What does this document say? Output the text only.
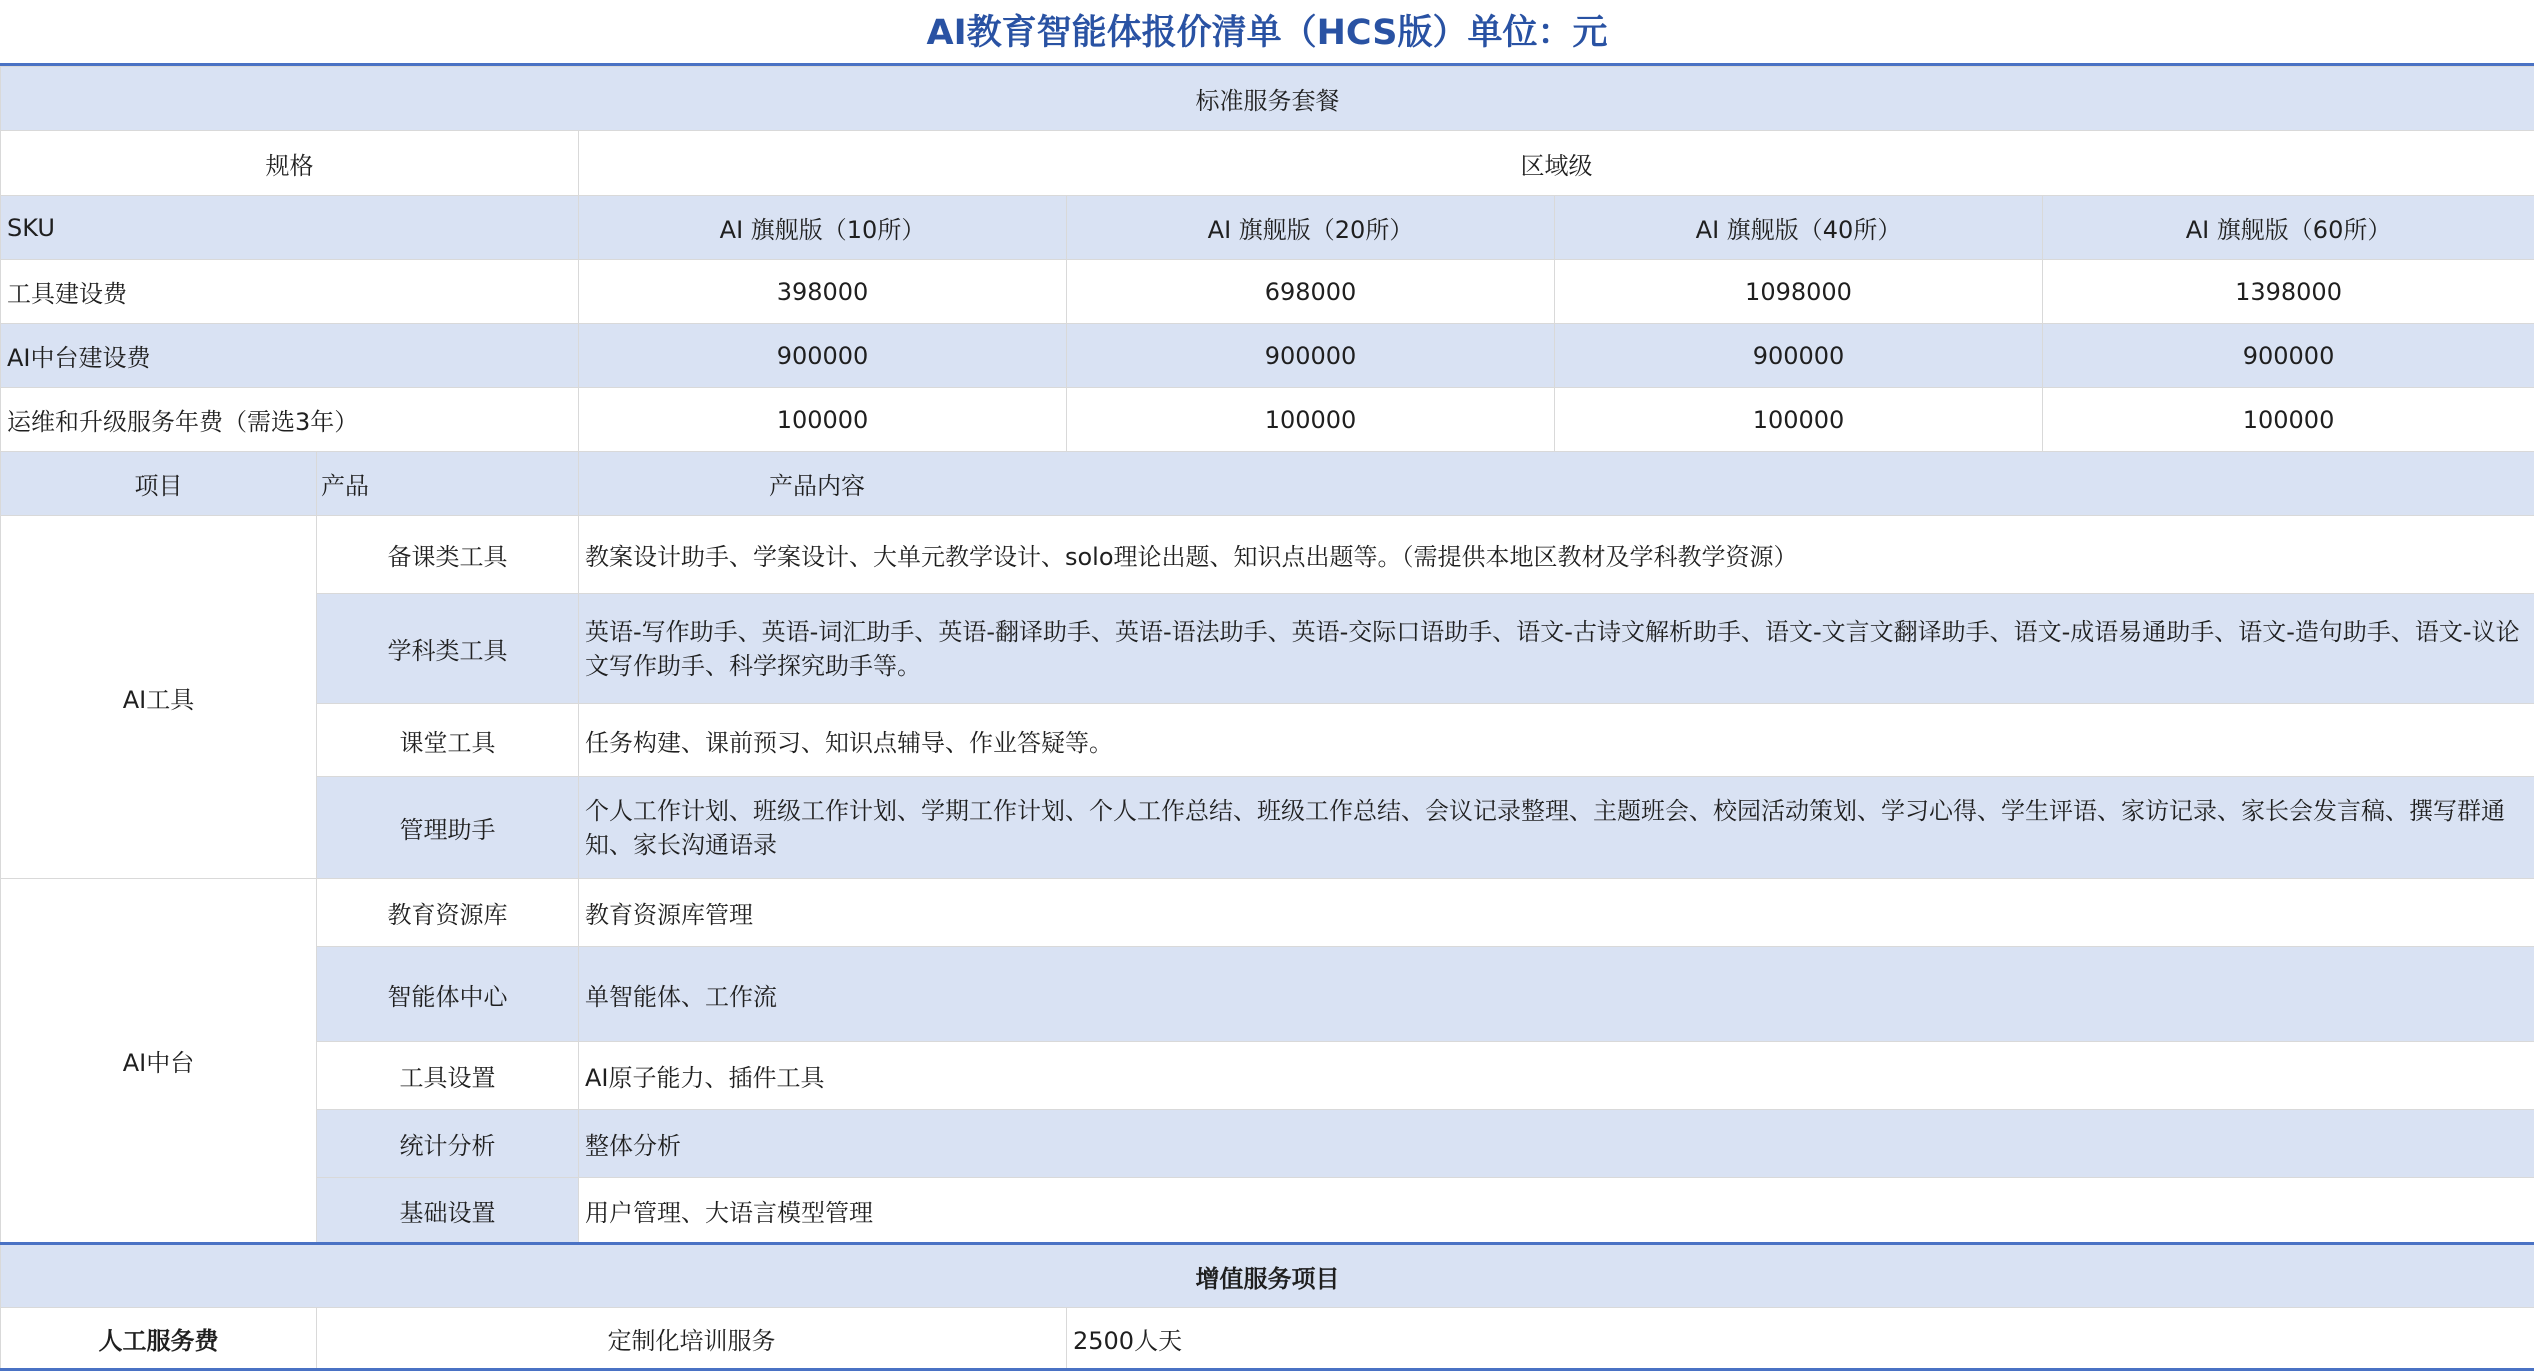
AI教育智能体报价清单（HCS版）单位：元
标准服务套餐					
规格		区域级			
SKU		AI 旗舰版（10所）	AI 旗舰版（20所）	AI 旗舰版（40所）	AI 旗舰版（60所）
工具建设费		398000	698000	1098000	1398000
AI中台建设费		900000	900000	900000	900000
运维和升级服务年费（需选3年）		100000	100000	100000	100000
项目	产品	产品内容			
AI工具	备课类工具	教案设计助手、学案设计、大单元教学设计、solo理论出题、知识点出题等。（需提供本地区教材及学科教学资源）			
	学科类工具	英语-写作助手、英语-词汇助手、英语-翻译助手、英语-语法助手、英语-交际口语助手、语文-古诗文解析助手、语文-文言文翻译助手、语文-成语易通助手、语文-造句助手、语文-议论文写作助手、科学探究助手等。			
	课堂工具	任务构建、课前预习、知识点辅导、作业答疑等。			
	管理助手	个人工作计划、班级工作计划、学期工作计划、个人工作总结、班级工作总结、会议记录整理、主题班会、校园活动策划、学习心得、学生评语、家访记录、家长会发言稿、撰写群通知、家长沟通语录			
AI中台	教育资源库	教育资源库管理			
	智能体中心	单智能体、工作流			
	工具设置	AI原子能力、插件工具			
	统计分析	整体分析			
	基础设置	用户管理、大语言模型管理			
增值服务项目					
人工服务费	定制化培训服务		2500人天		
